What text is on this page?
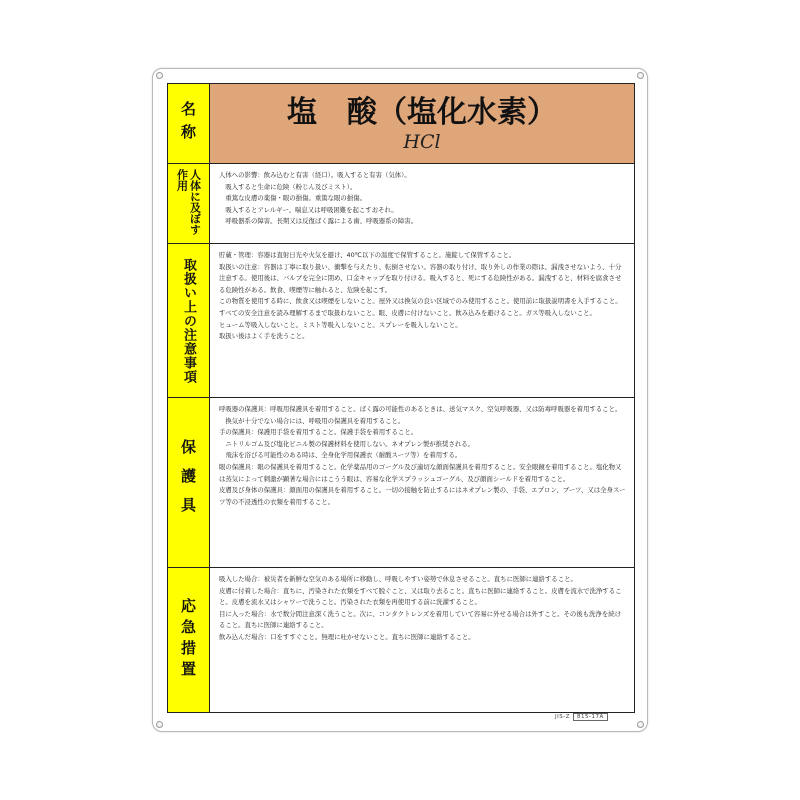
名称	塩　酸（塩化水素）
HCl
人体に及ぼす作用	人体への影響：飲み込むと有害（経口）。吸入すると有害（気体）。

　吸入すると生命に危険（粉じん及びミスト）。

　重篤な皮膚の薬傷・眼の損傷。重篤な眼の損傷。

　吸入するとアレルギー、喘息又は呼吸困難を起こすおそれ。

　呼吸器系の障害。長期又は反復ばく露による歯、呼吸器系の障害。

取扱い上の注意事項

貯蔵・管理：容器は直射日光や火気を避け、40℃以下の温度で保管すること。施錠して保管すること。

取扱いの注意：容器は丁寧に取り扱い、衝撃を与えたり、転倒させない。容器の取り付け、取り外しの作業の際は、漏洩させないよう、十分注意する。使用後は、バルブを完全に閉め、口金キャップを取り付ける。吸入すると、死にする危険性がある。漏洩すると、材料を腐食させる危険性がある。飲食、喫煙等に触れると、危険を起こす。

この物質を使用する時に、飲食又は喫煙をしないこと。屋外又は換気の良い区域でのみ使用すること。使用前に取扱説明書を入手すること。すべての安全注意を読み理解するまで取扱わないこと。眼、皮膚に付けないこと。飲み込みを避けること。ガス等吸入しないこと。

ヒューム等吸入しないこと。ミスト等吸入しないこと。スプレーを吸入しないこと。

取扱い後はよく手を洗うこと。

保護具

呼吸器の保護具：呼吸用保護具を着用すること。ばく露の可能性のあるときは、送気マスク、空気呼吸器、又は防毒呼吸器を着用すること。

　換気が十分でない場合には、呼吸用の保護具を着用すること。

手の保護具：保護用手袋を着用すること。保護手袋を着用すること。

　ニトリルゴム及び塩化ビニル製の保護材料を使用しない。ネオプレン製が推奨される。

　飛沫を浴びる可能性のある時は、全身化学用保護衣（耐酸スーツ等）を着用する。

眼の保護具：眼の保護具を着用すること。化学薬品用のゴーグル及び適切な顔面保護具を着用すること。安全眼鏡を着用すること。塩化物又は蒸気によって刺激が顕著な場合にはこうう眼は、容易な化学スプラッシュゴーグル、及び顔面シールドを着用すること。

皮膚及び身体の保護具：顔面用の保護具を着用すること。一切の接触を防止するにはネオプレン製の、手袋、エプロン、ブーツ、又は全身スーツ等の不浸透性の衣類を着用すること。

応急措置

吸入した場合：被災者を新鮮な空気のある場所に移動し、呼吸しやすい姿勢で休息させること。直ちに医師に連絡すること。

皮膚に付着した場合：直ちに、汚染された衣類をすべて脱ぐこと、又は取り去ること。直ちに医師に連絡すること。皮膚を流水で洗浄すること。皮膚を流水又はシャワーで洗うこと。汚染された衣類を再使用する前に洗濯すること。

目に入った場合：水で数分間注意深く洗うこと。次に、コンタクトレンズを着用していて容易に外せる場合は外すこと。その後も洗浄を続けること。直ちに医師に連絡すること。

飲み込んだ場合：口をすすぐこと。無理に吐かせないこと。直ちに医師に連絡すること。

JIS-Z 815-17A
